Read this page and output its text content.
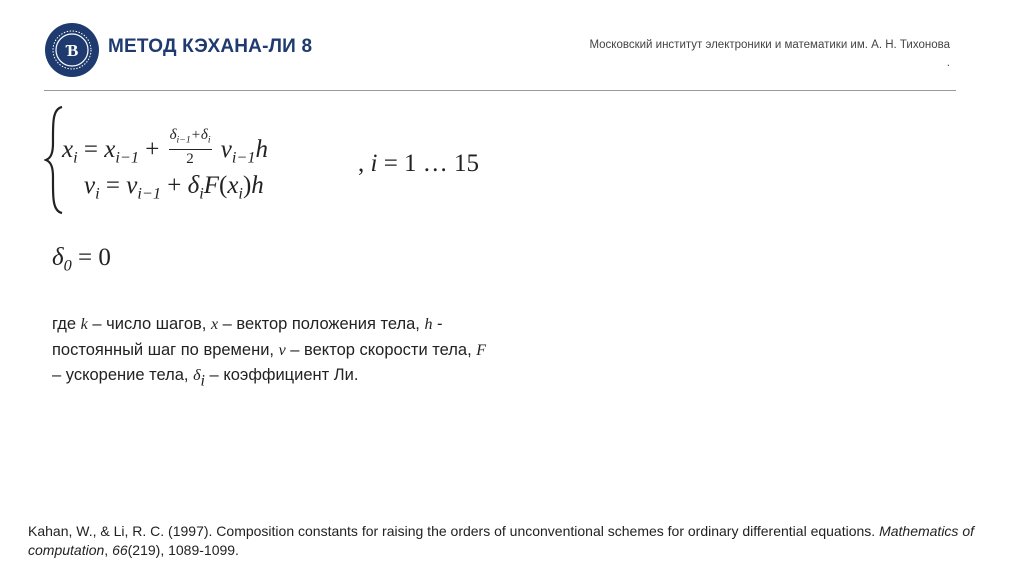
Ɓ МЕТОД КЭХАНА-ЛИ 8	Московский институт электроники и математики им. А. Н. Тихонова
.
$x_i = x_{i-1} + \frac{\delta_{i-1}+\delta_i}{2} v_{i-1}h$
$v_i = v_{i-1} + \delta_iF(x_i)h$
, i = 1 … 15
$\delta_0 = 0$
где k – число шагов, x – вектор положения тела, h - постоянный шаг по времени, v – вектор скорости тела, F – ускорение тела, $\delta_i$ – коэффициент Ли.
Kahan, W., & Li, R. C. (1997). Composition constants for raising the orders of unconventional schemes for ordinary differential equations. Mathematics of computation, 66(219), 1089-1099.
